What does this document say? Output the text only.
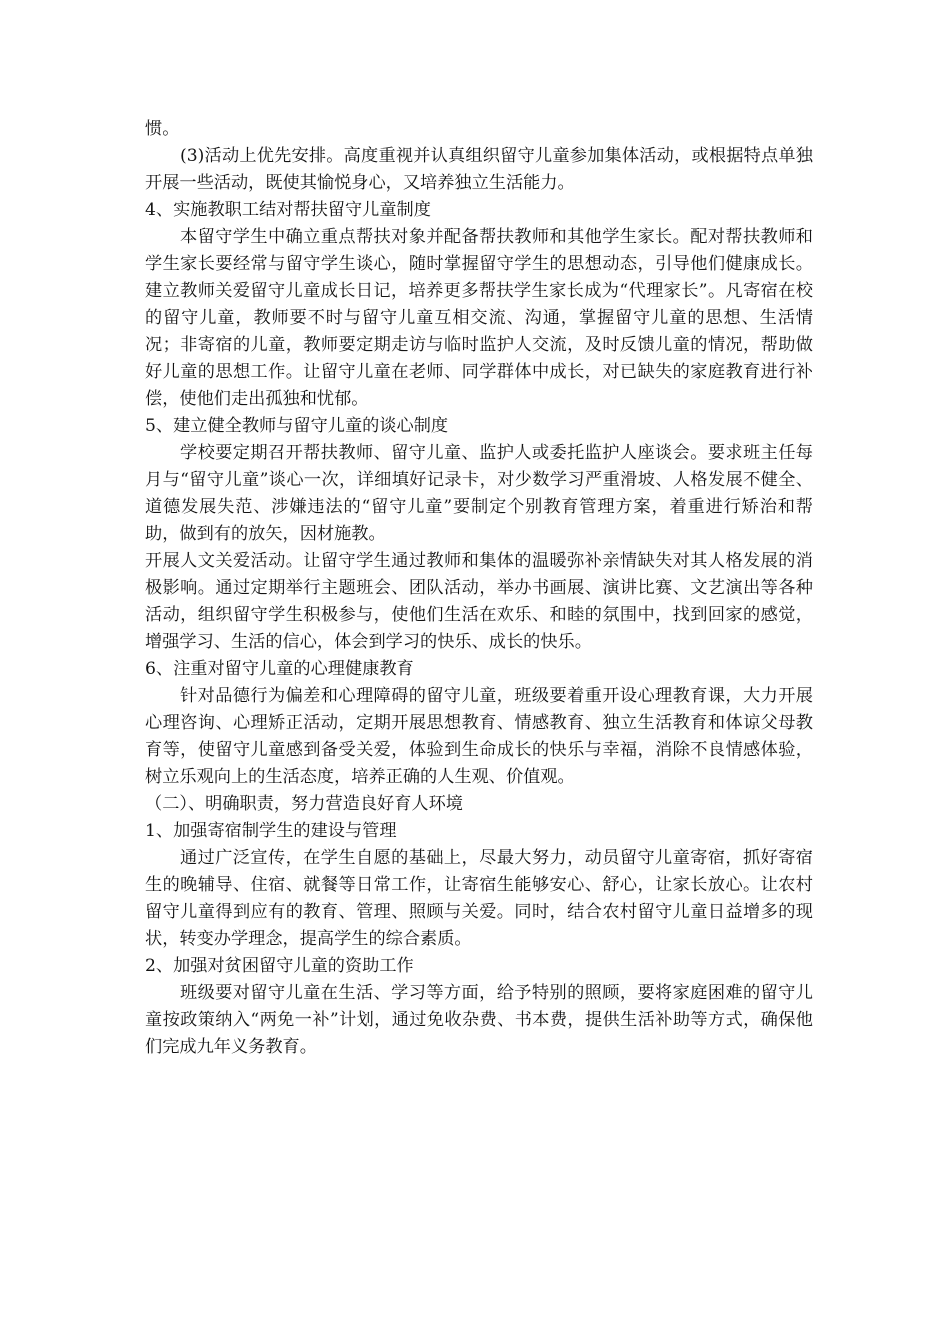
惯。

(3)活动上优先安排。高度重视并认真组织留守儿童参加集体活动，或根据特点单独开展一些活动，既使其愉悦身心，又培养独立生活能力。

4、实施教职工结对帮扶留守儿童制度

本留守学生中确立重点帮扶对象并配备帮扶教师和其他学生家长。配对帮扶教师和学生家长要经常与留守学生谈心，随时掌握留守学生的思想动态，引导他们健康成长。建立教师关爱留守儿童成长日记，培养更多帮扶学生家长成为“代理家长”。凡寄宿在校的留守儿童，教师要不时与留守儿童互相交流、沟通，掌握留守儿童的思想、生活情况；非寄宿的儿童，教师要定期走访与临时监护人交流，及时反馈儿童的情况，帮助做好儿童的思想工作。让留守儿童在老师、同学群体中成长，对已缺失的家庭教育进行补偿，使他们走出孤独和忧郁。

5、建立健全教师与留守儿童的谈心制度

学校要定期召开帮扶教师、留守儿童、监护人或委托监护人座谈会。要求班主任每月与“留守儿童”谈心一次，详细填好记录卡，对少数学习严重滑坡、人格发展不健全、道德发展失范、涉嫌违法的“留守儿童”要制定个别教育管理方案，着重进行矫治和帮助，做到有的放矢，因材施教。

开展人文关爱活动。让留守学生通过教师和集体的温暖弥补亲情缺失对其人格发展的消极影响。通过定期举行主题班会、团队活动，举办书画展、演讲比赛、文艺演出等各种活动，组织留守学生积极参与，使他们生活在欢乐、和睦的氛围中，找到回家的感觉，增强学习、生活的信心，体会到学习的快乐、成长的快乐。

6、注重对留守儿童的心理健康教育

针对品德行为偏差和心理障碍的留守儿童，班级要着重开设心理教育课，大力开展心理咨询、心理矫正活动，定期开展思想教育、情感教育、独立生活教育和体谅父母教育等，使留守儿童感到备受关爱，体验到生命成长的快乐与幸福，消除不良情感体验，树立乐观向上的生活态度，培养正确的人生观、价值观。

（二）、明确职责，努力营造良好育人环境

1、加强寄宿制学生的建设与管理

通过广泛宣传，在学生自愿的基础上，尽最大努力，动员留守儿童寄宿，抓好寄宿生的晚辅导、住宿、就餐等日常工作，让寄宿生能够安心、舒心，让家长放心。让农村留守儿童得到应有的教育、管理、照顾与关爱。同时，结合农村留守儿童日益增多的现状，转变办学理念，提高学生的综合素质。

2、加强对贫困留守儿童的资助工作

班级要对留守儿童在生活、学习等方面，给予特别的照顾，要将家庭困难的留守儿童按政策纳入“两免一补”计划，通过免收杂费、书本费，提供生活补助等方式，确保他们完成九年义务教育。
